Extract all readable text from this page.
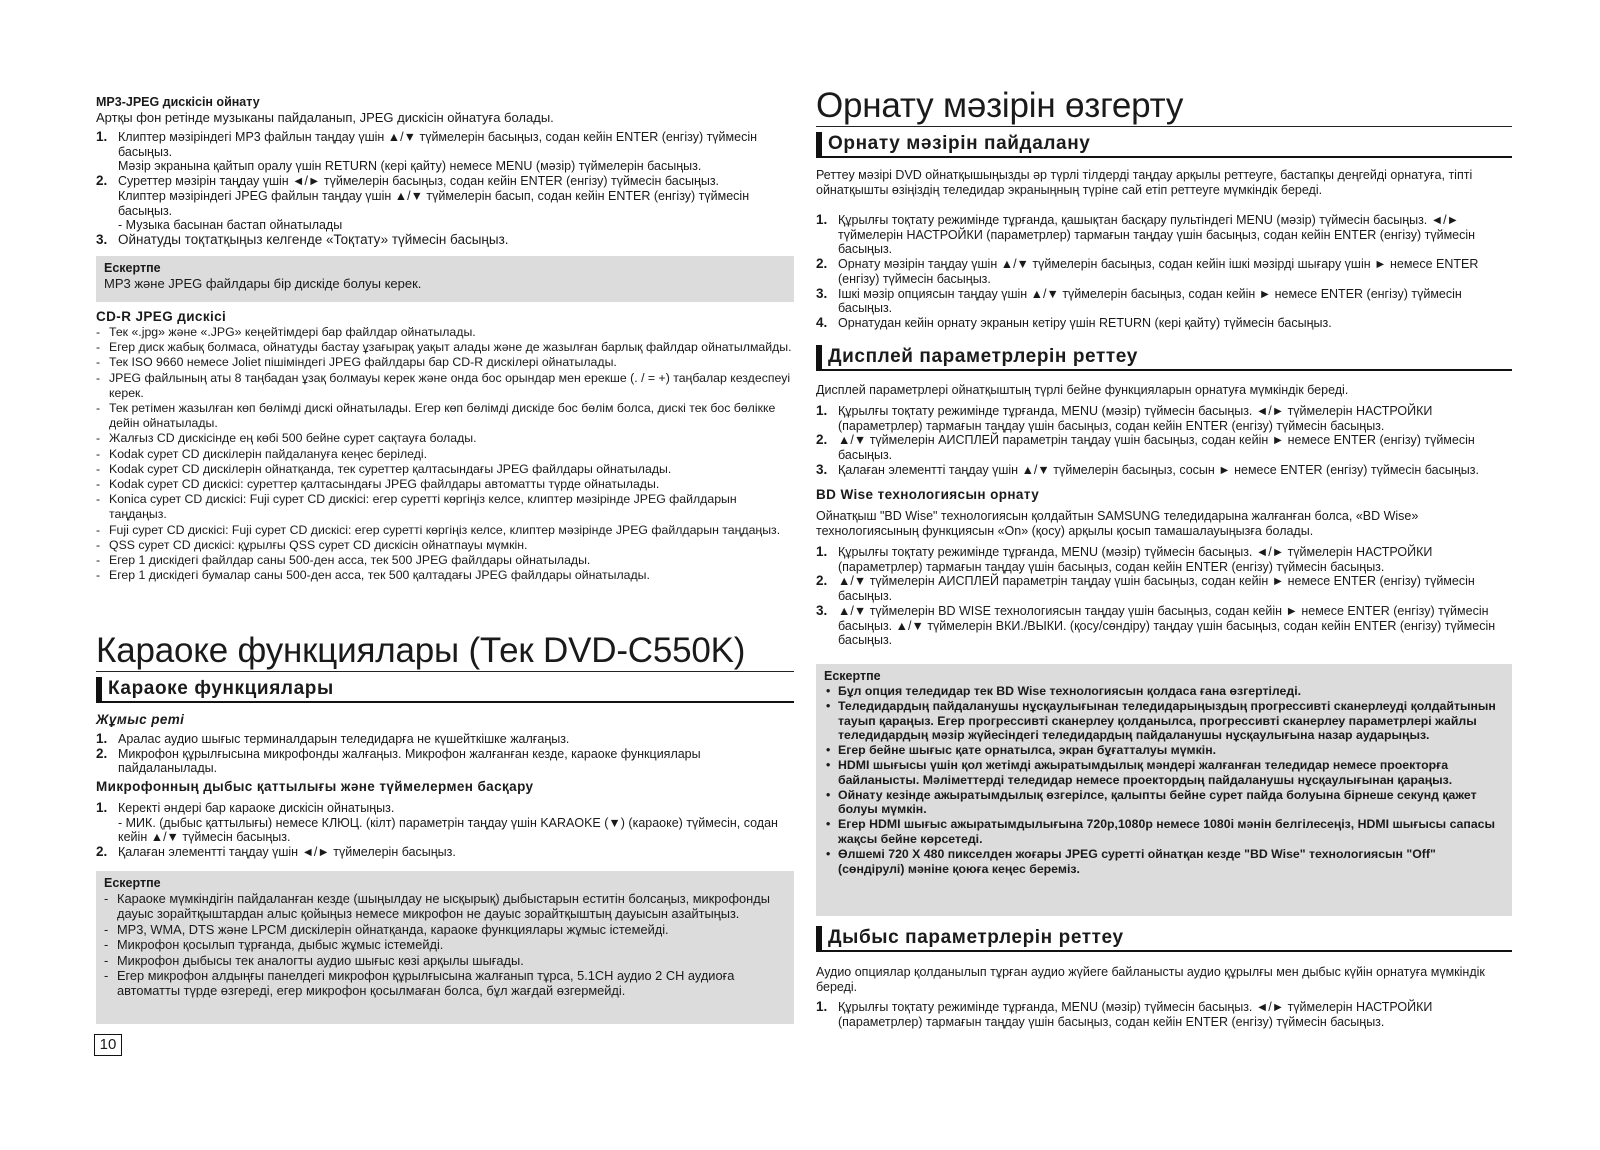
MP3-JPEG дискісін ойнату
Артқы фон ретінде музыканы пайдаланып, JPEG дискісін ойнатуға болады.
1. Клиптер мәзіріндегі MP3 файлын таңдау үшін ▲/▼ түймелерін басыңыз, содан кейін ENTER (енгізу) түймесін басыңыз.
Мәзір экранына қайтып оралу үшін RETURN (кері қайту) немесе MENU (мәзір) түймелерін басыңыз.
2. Суреттер мәзірін таңдау үшін ◄/► түймелерін басыңыз, содан кейін ENTER (енгізу) түймесін басыңыз.
Клиптер мәзіріндегі JPEG файлын таңдау үшін ▲/▼ түймелерін басып, содан кейін ENTER (енгізу) түймесін басыңыз.
- Музыка басынан бастап ойнатылады
3. Ойнатуды тоқтатқыңыз келгенде «Тоқтату» түймесін басыңыз.
Ескертпе
MP3 және JPEG файлдары бір дискіде болуы керек.
CD-R JPEG дискісі
- Тек «.jpg» және «.JPG» кеңейтімдері бар файлдар ойнатылады.
- Егер диск жабық болмаса, ойнатуды бастау ұзағырақ уақыт алады және де жазылған барлық файлдар ойнатылмайды.
- Тек ISO 9660 немесе Joliet пішіміндегі JPEG файлдары бар CD-R дискілері ойнатылады.
- JPEG файлының аты 8 таңбадан ұзақ болмауы керек және онда бос орындар мен ерекше (. / = +) таңбалар кездеспеуі керек.
- Тек ретімен жазылған көп бөлімді дискі ойнатылады. Егер көп бөлімді дискіде бос бөлім болса, дискі тек бос бөлікке дейін ойнатылады.
- Жалғыз CD дискісінде ең көбі 500 бейне сурет сақтауға болады.
- Kodak сурет CD дискілерін пайдалануға кеңес беріледі.
- Kodak сурет CD дискілерін ойнатқанда, тек суреттер қалтасындағы JPEG файлдары ойнатылады.
- Kodak сурет CD дискісі: суреттер қалтасындағы JPEG файлдары автоматты түрде ойнатылады.
- Konica сурет CD дискісі: Fuji сурет CD дискісі: егер суретті көргіңіз келсе, клиптер мәзірінде JPEG файлдарын таңдаңыз.
- Fuji сурет CD дискісі: Fuji сурет CD дискісі: егер суретті көргіңіз келсе, клиптер мәзірінде JPEG файлдарын таңдаңыз.
- QSS сурет CD дискісі: құрылғы QSS сурет CD дискісін ойнатпауы мүмкін.
- Егер 1 дискідегі файлдар саны 500-ден асса, тек 500 JPEG файлдары ойнатылады.
- Егер 1 дискідегі бумалар саны 500-ден асса, тек 500 қалтадағы JPEG файлдары ойнатылады.
Караоке функциялары (Тек DVD-C550K)
Караоке функциялары
Жұмыс реті
1. Аралас аудио шығыс терминалдарын теледидарға не күшейткішке жалғаңыз.
2. Микрофон құрылғысына микрофонды жалғаңыз. Микрофон жалғанған кезде, караоке функциялары пайдаланылады.
Микрофонның дыбыс қаттылығы және түймелермен басқару
1. Керекті әндері бар караоке дискісін ойнатыңыз.
- МИК. (дыбыс қаттылығы) немесе КЛЮЦ. (кілт) параметрін таңдау үшін KARAOKE (▼) (караоке) түймесін, содан кейін ▲/▼ түймесін басыңыз.
2. Қалаған элементті таңдау үшін ◄/► түймелерін басыңыз.
Ескертпе
- Караоке мүмкіндігін пайдаланған кезде (шыңылдау не ысқырық) дыбыстарын еститін болсаңыз, микрофонды дауыс зорайтқыштардан алыс қойыңыз немесе микрофон не дауыс зорайтқыштың дауысын азайтыңыз.
- MP3, WMA, DTS және LPCM дискілерін ойнатқанда, караоке функциялары жұмыс істемейді.
- Микрофон қосылып тұрғанда, дыбыс жұмыс істемейді.
- Микрофон дыбысы тек аналогты аудио шығыс көзі арқылы шығады.
- Егер микрофон алдыңғы панелдегі микрофон құрылғысына жалғанып тұрса, 5.1CH аудио 2 CH аудиоға автоматты түрде өзгереді, егер микрофон қосылмаған болса, бұл жағдай өзгермейді.
10
Орнату мәзірін өзгерту
Орнату мәзірін пайдалану
Реттеу мәзірі DVD ойнатқышыңызды әр түрлі тілдерді таңдау арқылы реттеуге, бастапқы деңгейді орнатуға, тіпті ойнатқышты өзіңіздің теледидар экраныңның түріне сай етіп реттеуге мүмкіндік береді.
1. Құрылғы тоқтату режимінде тұрғанда, қашықтан басқару пультіндегі MENU (мәзір) түймесін басыңыз. ◄/► түймелерін НАСТРОЙКИ (параметрлер) тармағын таңдау үшін басыңыз, содан кейін ENTER (енгізу) түймесін басыңыз.
2. Орнату мәзірін таңдау үшін ▲/▼ түймелерін басыңыз, содан кейін ішкі мәзірді шығару үшін ► немесе ENTER (енгізу) түймесін басыңыз.
3. Ішкі мәзір опциясын таңдау үшін ▲/▼ түймелерін басыңыз, содан кейін ► немесе ENTER (енгізу) түймесін басыңыз.
4. Орнатудан кейін орнату экранын кетіру үшін RETURN (кері қайту) түймесін басыңыз.
Дисплей параметрлерін реттеу
Дисплей параметрлері ойнатқыштың түрлі бейне функцияларын орнатуға мүмкіндік береді.
1. Құрылғы тоқтату режимінде тұрғанда, MENU (мәзір) түймесін басыңыз. ◄/► түймелерін НАСТРОЙКИ (параметрлер) тармағын таңдау үшін басыңыз, содан кейін ENTER (енгізу) түймесін басыңыз.
2. ▲/▼ түймелерін АИСПЛЕЙ параметрін таңдау үшін басыңыз, содан кейін ► немесе ENTER (енгізу) түймесін басыңыз.
3. Қалаған элементті таңдау үшін ▲/▼ түймелерін басыңыз, сосын ► немесе ENTER (енгізу) түймесін басыңыз.
BD Wise технологиясын орнату
Ойнатқыш "BD Wise" технологиясын қолдайтын SAMSUNG теледидарына жалғанған болса, «BD Wise» технологиясының функциясын «On» (қосу) арқылы қосып тамашалауыңызға болады.
1. Құрылғы тоқтату режимінде тұрғанда, MENU (мәзір) түймесін басыңыз. ◄/► түймелерін НАСТРОЙКИ (параметрлер) тармағын таңдау үшін басыңыз, содан кейін ENTER (енгізу) түймесін басыңыз.
2. ▲/▼ түймелерін АИСПЛЕЙ параметрін таңдау үшін басыңыз, содан кейін ► немесе ENTER (енгізу) түймесін басыңыз.
3. ▲/▼ түймелерін BD WISE технологиясын таңдау үшін басыңыз, содан кейін ► немесе ENTER (енгізу) түймесін басыңыз. ▲/▼ түймелерін ВКИ./ВЫКИ. (қосу/сөндіру) таңдау үшін басыңыз, содан кейін ENTER (енгізу) түймесін басыңыз.
Ескертпе
• Бұл опция теледидар тек BD Wise технологиясын қолдаса ғана өзгертіледі.
• Теледидардың пайдаланушы нұсқаулығынан теледидарыңыздың прогрессивті сканерлеуді қолдайтынын тауып қараңыз. Егер прогрессивті сканерлеу қолданылса, прогрессивті сканерлеу параметрлері жайлы теледидардың мәзір жүйесіндегі теледидардың пайдаланушы нұсқаулығына назар аударыңыз.
• Егер бейне шығыс қате орнатылса, экран бұғатталуы мүмкін.
• HDMI шығысы үшін қол жетімді ажыратымдылық мәндері жалғанған теледидар немесе проекторға байланысты. Мәліметтерді теледидар немесе проектордың пайдаланушы нұсқаулығынан қараңыз.
• Ойнату кезінде ажыратымдылық өзгерілсе, қалыпты бейне сурет пайда болуына бірнеше секунд қажет болуы мүмкін.
• Егер HDMI шығыс ажыратымдылығына 720p,1080p немесе 1080i мәнін белгілесеңіз, HDMI шығысы сапасы жақсы бейне көрсетеді.
• Өлшемі 720 X 480 пикселден жоғары JPEG суретті ойнатқан кезде "BD Wise" технологиясын "Off" (сөндірулі) мәніне қоюға кеңес береміз.
Дыбыс параметрлерін реттеу
Аудио опциялар қолданылып тұрған аудио жүйеге байланысты аудио құрылғы мен дыбыс күйін орнатуға мүмкіндік береді.
1. Құрылғы тоқтату режимінде тұрғанда, MENU (мәзір) түймесін басыңыз. ◄/► түймелерін НАСТРОЙКИ (параметрлер) тармағын таңдау үшін басыңыз, содан кейін ENTER (енгізу) түймесін басыңыз.
